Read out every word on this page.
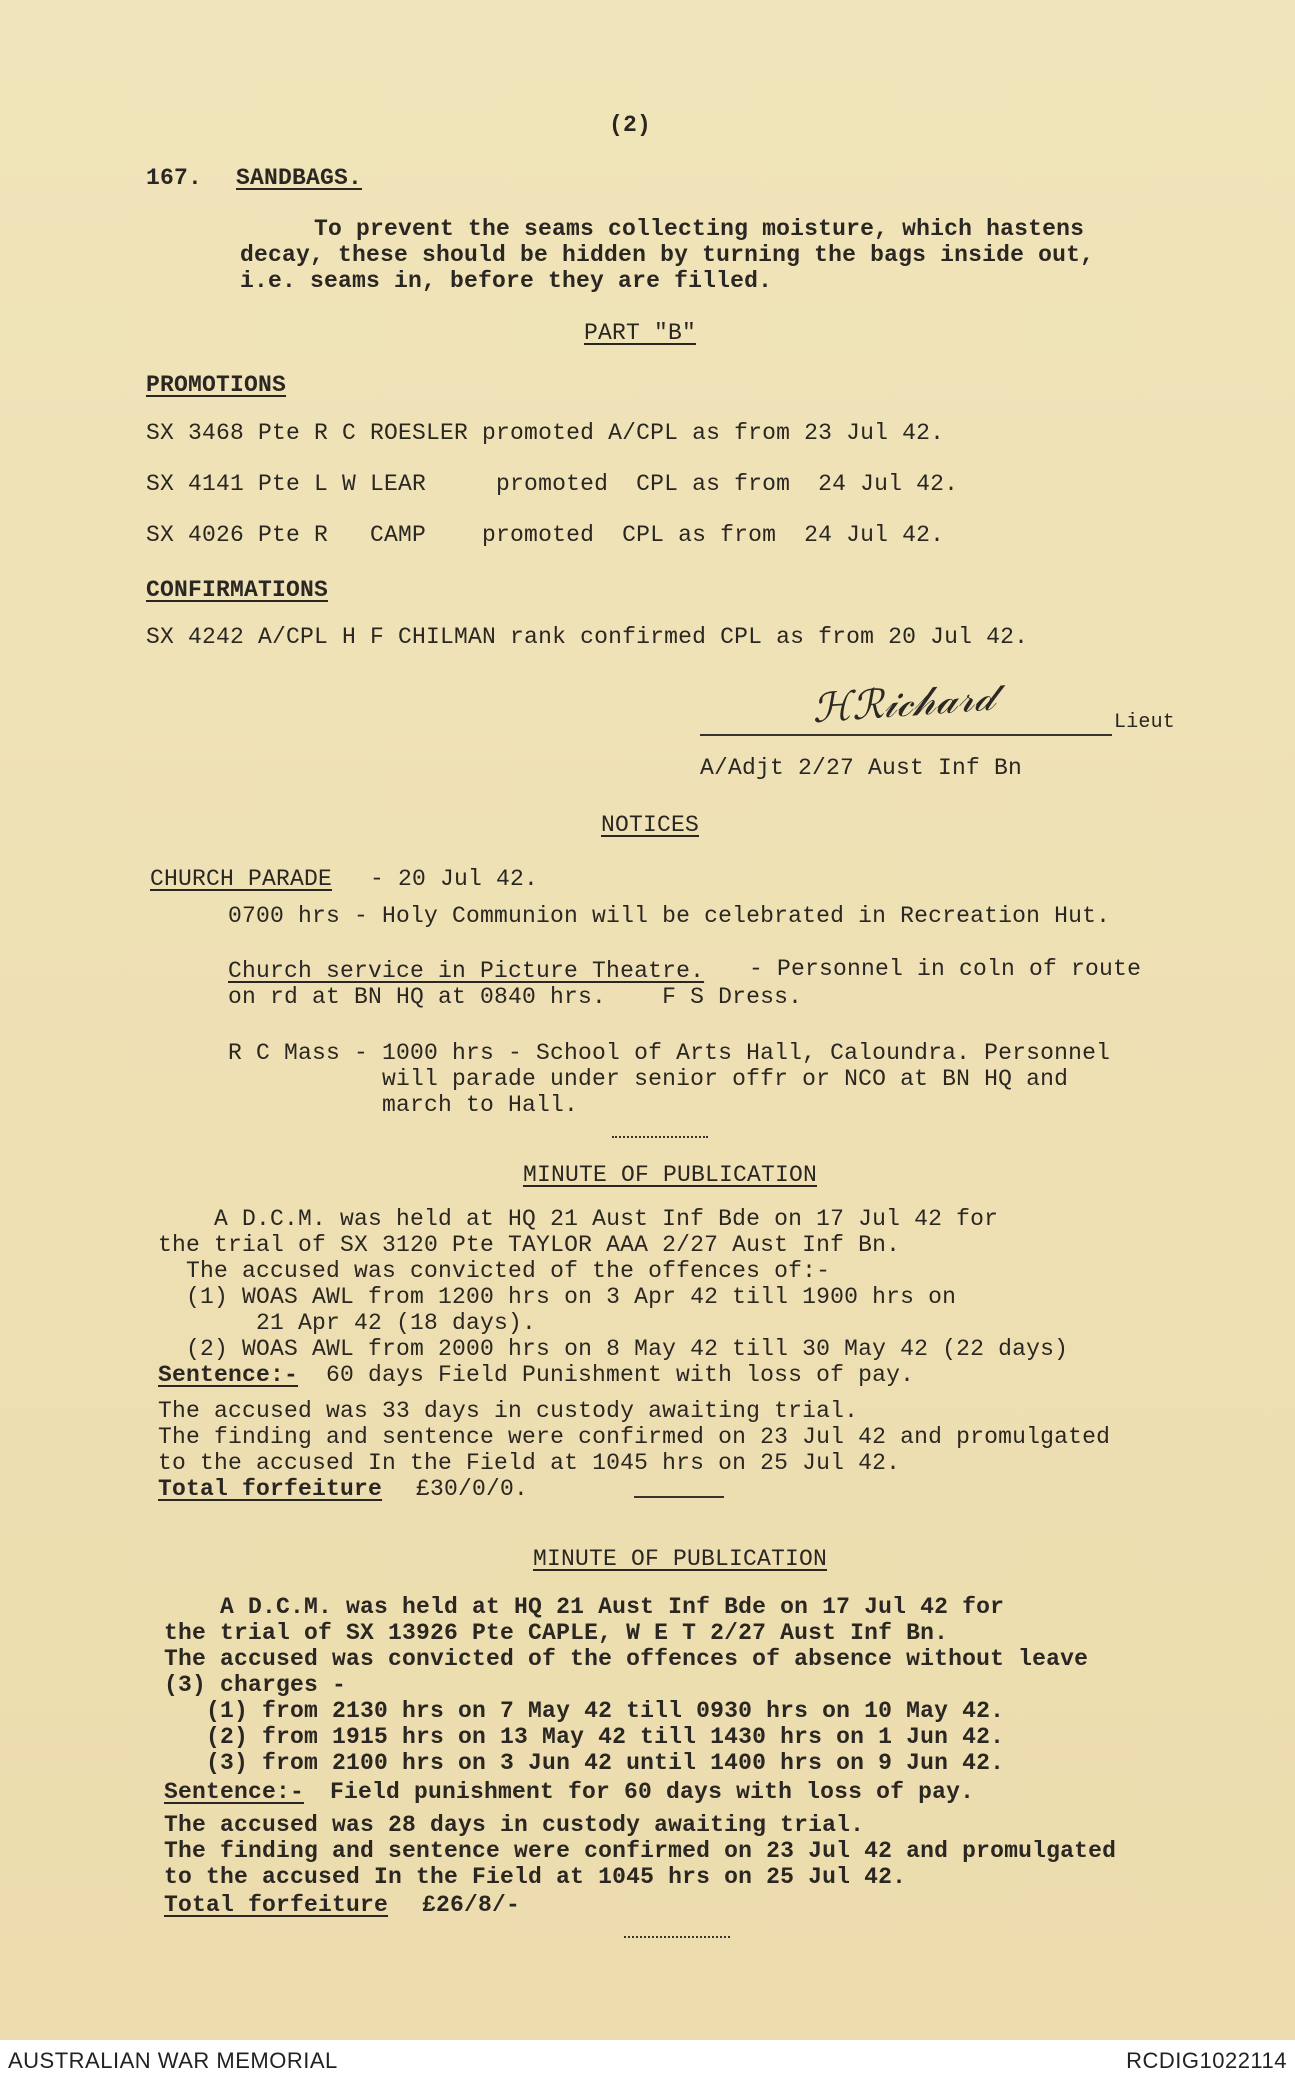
(2)
167. SANDBAGS.
To prevent the seams collecting moisture, which hastens
decay, these should be hidden by turning the bags inside out,
i.e. seams in, before they are filled.
PART "B"
PROMOTIONS
SX 3468 Pte R C ROESLER promoted A/CPL as from 23 Jul 42.
SX 4141 Pte L W LEAR     promoted  CPL as from  24 Jul 42.
SX 4026 Pte R   CAMP    promoted  CPL as from  24 Jul 42.
CONFIRMATIONS
SX 4242 A/CPL H F CHILMAN rank confirmed CPL as from 20 Jul 42.
ℋℛ𝒾𝒸𝒽𝒶𝓇𝒹	Lieut
A/Adjt 2/27 Aust Inf Bn
NOTICES
CHURCH PARADE - 20 Jul 42.
0700 hrs - Holy Communion will be celebrated in Recreation Hut.
Church service in Picture Theatre. - Personnel in coln of route
on rd at BN HQ at 0840 hrs.    F S Dress.
R C Mass - 1000 hrs - School of Arts Hall, Caloundra. Personnel
will parade under senior offr or NCO at BN HQ and
march to Hall.
MINUTE OF PUBLICATION
A D.C.M. was held at HQ 21 Aust Inf Bde on 17 Jul 42 for
the trial of SX 3120 Pte TAYLOR AAA 2/27 Aust Inf Bn.
The accused was convicted of the offences of:-
(1) WOAS AWL from 1200 hrs on 3 Apr 42 till 1900 hrs on
21 Apr 42 (18 days).
(2) WOAS AWL from 2000 hrs on 8 May 42 till 30 May 42 (22 days)
Sentence:- 60 days Field Punishment with loss of pay.
The accused was 33 days in custody awaiting trial.
The finding and sentence were confirmed on 23 Jul 42 and promulgated
to the accused In the Field at 1045 hrs on 25 Jul 42.
Total forfeiture £30/0/0.
MINUTE OF PUBLICATION
A D.C.M. was held at HQ 21 Aust Inf Bde on 17 Jul 42 for
the trial of SX 13926 Pte CAPLE, W E T 2/27 Aust Inf Bn.
The accused was convicted of the offences of absence without leave
(3) charges -
(1) from 2130 hrs on 7 May 42 till 0930 hrs on 10 May 42.
(2) from 1915 hrs on 13 May 42 till 1430 hrs on 1 Jun 42.
(3) from 2100 hrs on 3 Jun 42 until 1400 hrs on 9 Jun 42.
Sentence:- Field punishment for 60 days with loss of pay.
The accused was 28 days in custody awaiting trial.
The finding and sentence were confirmed on 23 Jul 42 and promulgated
to the accused In the Field at 1045 hrs on 25 Jul 42.
Total forfeiture £26/8/-
AUSTRALIAN WAR MEMORIAL	RCDIG1022114
